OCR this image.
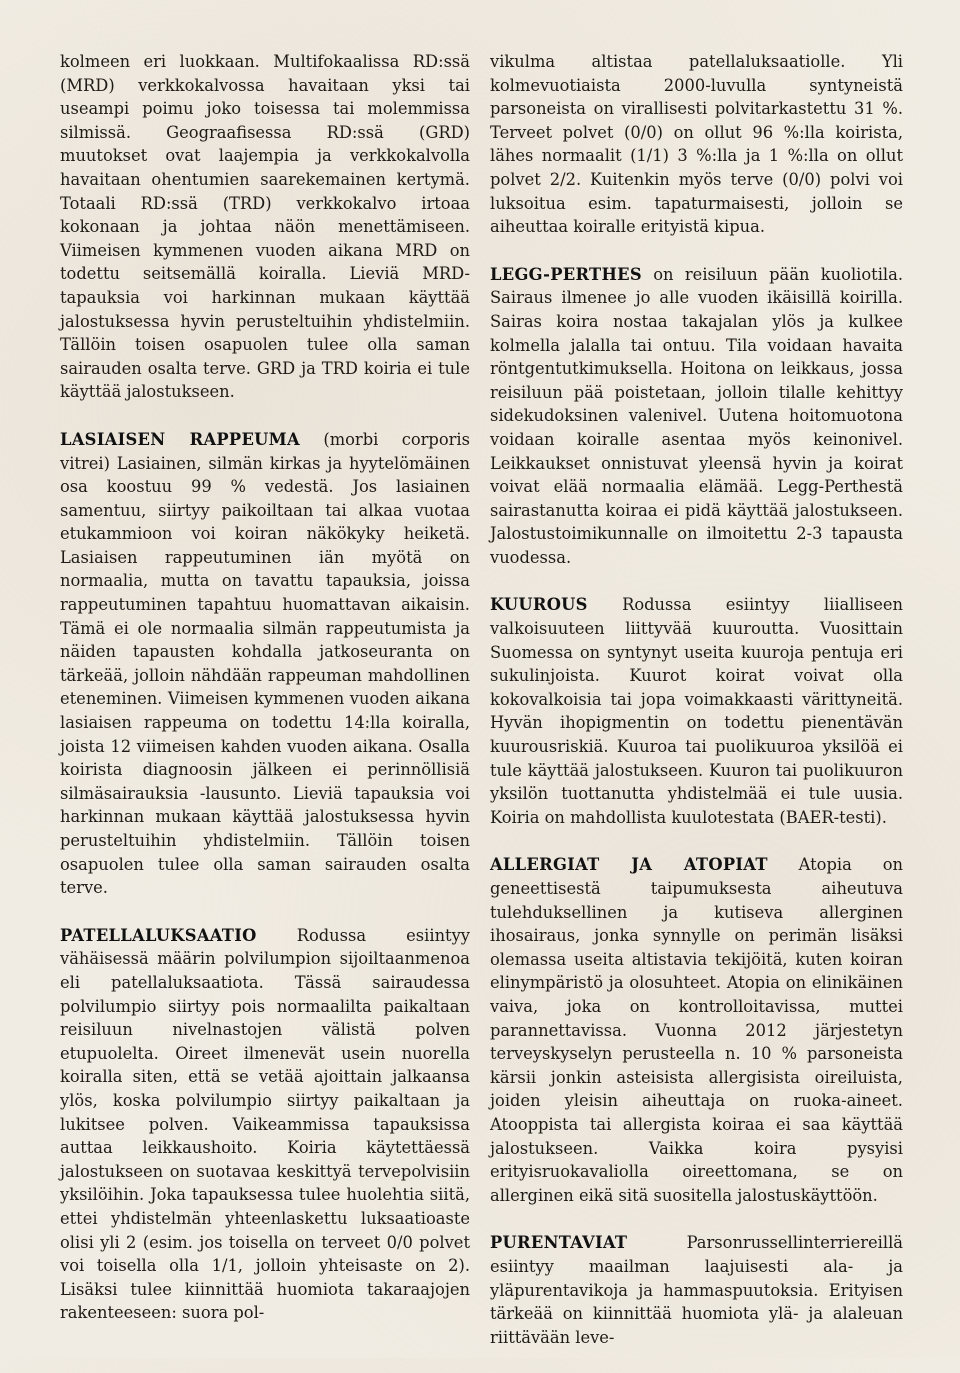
kolmeen eri luokkaan. Multifokaalissa RD:ssä (MRD) verkkokalvossa havaitaan yksi tai useampi poimu joko toisessa tai molemmissa silmissä. Geograafisessa RD:ssä (GRD) muutokset ovat laajempia ja verkkokalvolla havaitaan ohentumien saarekemainen kertymä. Totaali RD:ssä (TRD) verkkokalvo irtoaa kokonaan ja johtaa näön menettämiseen. Viimeisen kymmenen vuoden aikana MRD on todettu seitsemällä koiralla. Lieviä MRD-tapauksia voi harkinnan mukaan käyttää jalostuksessa hyvin perusteltuihin yhdistelmiin. Tällöin toisen osapuolen tulee olla saman sairauden osalta terve. GRD ja TRD koiria ei tule käyttää jalostukseen.

LASIAISEN RAPPEUMA (morbi corporis vitrei) Lasiainen, silmän kirkas ja hyytelömäinen osa koostuu 99 % vedestä. Jos lasiainen samentuu, siirtyy paikoiltaan tai alkaa vuotaa etukammioon voi koiran näkökyky heiketä. Lasiaisen rappeutuminen iän myötä on normaalia, mutta on tavattu tapauksia, joissa rappeutuminen tapahtuu huomattavan aikaisin. Tämä ei ole normaalia silmän rappeutumista ja näiden tapausten kohdalla jatkoseuranta on tärkeää, jolloin nähdään rappeuman mahdollinen eteneminen. Viimeisen kymmenen vuoden aikana lasiaisen rappeuma on todettu 14:lla koiralla, joista 12 viimeisen kahden vuoden aikana. Osalla koirista diagnoosin jälkeen ei perinnöllisiä silmäsairauksia -lausunto. Lieviä tapauksia voi harkinnan mukaan käyttää jalostuksessa hyvin perusteltuihin yhdistelmiin. Tällöin toisen osapuolen tulee olla saman sairauden osalta terve.

PATELLALUKSAATIO Rodussa esiintyy vähäisessä määrin polvilumpion sijoiltaanmenoa eli patellaluksaatiota. Tässä sairaudessa polvilumpio siirtyy pois normaalilta paikaltaan reisiluun nivelnastojen välistä polven etupuolelta. Oireet ilmenevät usein nuorella koiralla siten, että se vetää ajoittain jalkaansa ylös, koska polvilumpio siirtyy paikaltaan ja lukitsee polven. Vaikeammissa tapauksissa auttaa leikkaushoito. Koiria käytettäessä jalostukseen on suotavaa keskittyä tervepolvisiin yksilöihin. Joka tapauksessa tulee huolehtia siitä, ettei yhdistelmän yhteenlaskettu luksaatioaste olisi yli 2 (esim. jos toisella on terveet 0/0 polvet voi toisella olla 1/1, jolloin yhteisaste on 2). Lisäksi tulee kiinnittää huomiota takaraajojen rakenteeseen: suora pol-

vikulma altistaa patellaluksaatiolle. Yli kolmevuotiaista 2000-luvulla syntyneistä parsoneista on virallisesti polvitarkastettu 31 %. Terveet polvet (0/0) on ollut 96 %:lla koirista, lähes normaalit (1/1) 3 %:lla ja 1 %:lla on ollut polvet 2/2. Kuitenkin myös terve (0/0) polvi voi luksoitua esim. tapaturmaisesti, jolloin se aiheuttaa koiralle erityistä kipua.

LEGG-PERTHES on reisiluun pään kuoliotila. Sairaus ilmenee jo alle vuoden ikäisillä koirilla. Sairas koira nostaa takajalan ylös ja kulkee kolmella jalalla tai ontuu. Tila voidaan havaita röntgentutkimuksella. Hoitona on leikkaus, jossa reisiluun pää poistetaan, jolloin tilalle kehittyy sidekudoksinen valenivel. Uutena hoitomuotona voidaan koiralle asentaa myös keinonivel. Leikkaukset onnistuvat yleensä hyvin ja koirat voivat elää normaalia elämää. Legg-Perthestä sairastanutta koiraa ei pidä käyttää jalostukseen. Jalostustoimikunnalle on ilmoitettu 2-3 tapausta vuodessa.

KUUROUS Rodussa esiintyy liialliseen valkoisuuteen liittyvää kuuroutta. Vuosittain Suomessa on syntynyt useita kuuroja pentuja eri sukulinjoista. Kuurot koirat voivat olla kokovalkoisia tai jopa voimakkaasti värittyneitä. Hyvän ihopigmentin on todettu pienentävän kuurousriskiä. Kuuroa tai puolikuuroa yksilöä ei tule käyttää jalostukseen. Kuuron tai puolikuuron yksilön tuottanutta yhdistelmää ei tule uusia. Koiria on mahdollista kuulotestata (BAER-testi).

ALLERGIAT JA ATOPIAT Atopia on geneettisestä taipumuksesta aiheutuva tulehduksellinen ja kutiseva allerginen ihosairaus, jonka synnylle on perimän lisäksi olemassa useita altistavia tekijöitä, kuten koiran elinympäristö ja olosuhteet. Atopia on elinikäinen vaiva, joka on kontrolloitavissa, muttei parannettavissa. Vuonna 2012 järjestetyn terveyskyselyn perusteella n. 10 % parsoneista kärsii jonkin asteisista allergisista oireiluista, joiden yleisin aiheuttaja on ruoka-aineet. Atooppista tai allergista koiraa ei saa käyttää jalostukseen. Vaikka koira pysyisi erityisruokavaliolla oireettomana, se on allerginen eikä sitä suositella jalostuskäyttöön.

PURENTAVIAT        Parsonrussellinterriereillä esiintyy maailman laajuisesti ala- ja yläpurentavikoja ja hammaspuutoksia. Erityisen tärkeää on kiinnittää huomiota ylä- ja alaleuan riittävään leve-
